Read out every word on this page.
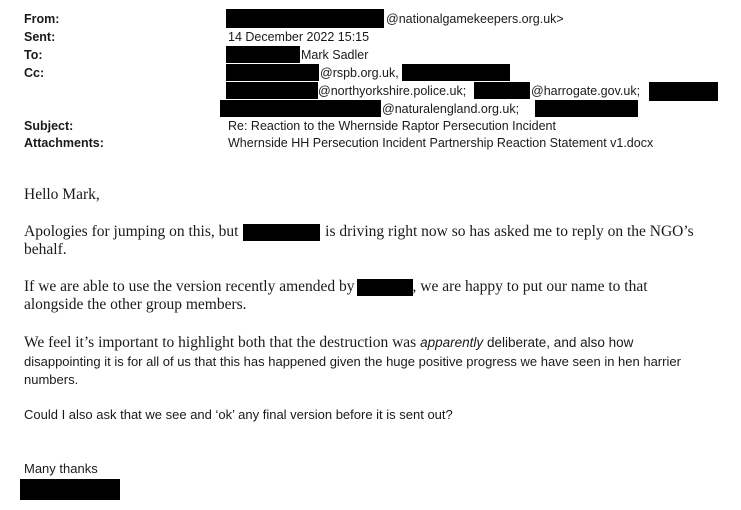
From:	@nationalgamekeepers.org.uk>
Sent:	14 December 2022 15:15
To:	Mark Sadler
Cc:	@rspb.org.uk,
@northyorkshire.police.uk;	@harrogate.gov.uk;
@naturalengland.org.uk;
Subject:	Re: Reaction to the Whernside Raptor Persecution Incident
Attachments:	Whernside HH Persecution Incident Partnership Reaction Statement v1.docx
Hello Mark,
Apologies for jumping on this, but	is driving right now so has asked me to reply on the NGO’s
behalf.
If we are able to use the version recently amended by	, we are happy to put our name to that
alongside the other group members.
We feel it’s important to highlight both that the destruction was apparently deliberate, and also how
disappointing it is for all of us that this has happened given the huge positive progress we have seen in hen harrier
numbers.
Could I also ask that we see and ‘ok’ any final version before it is sent out?
Many thanks
